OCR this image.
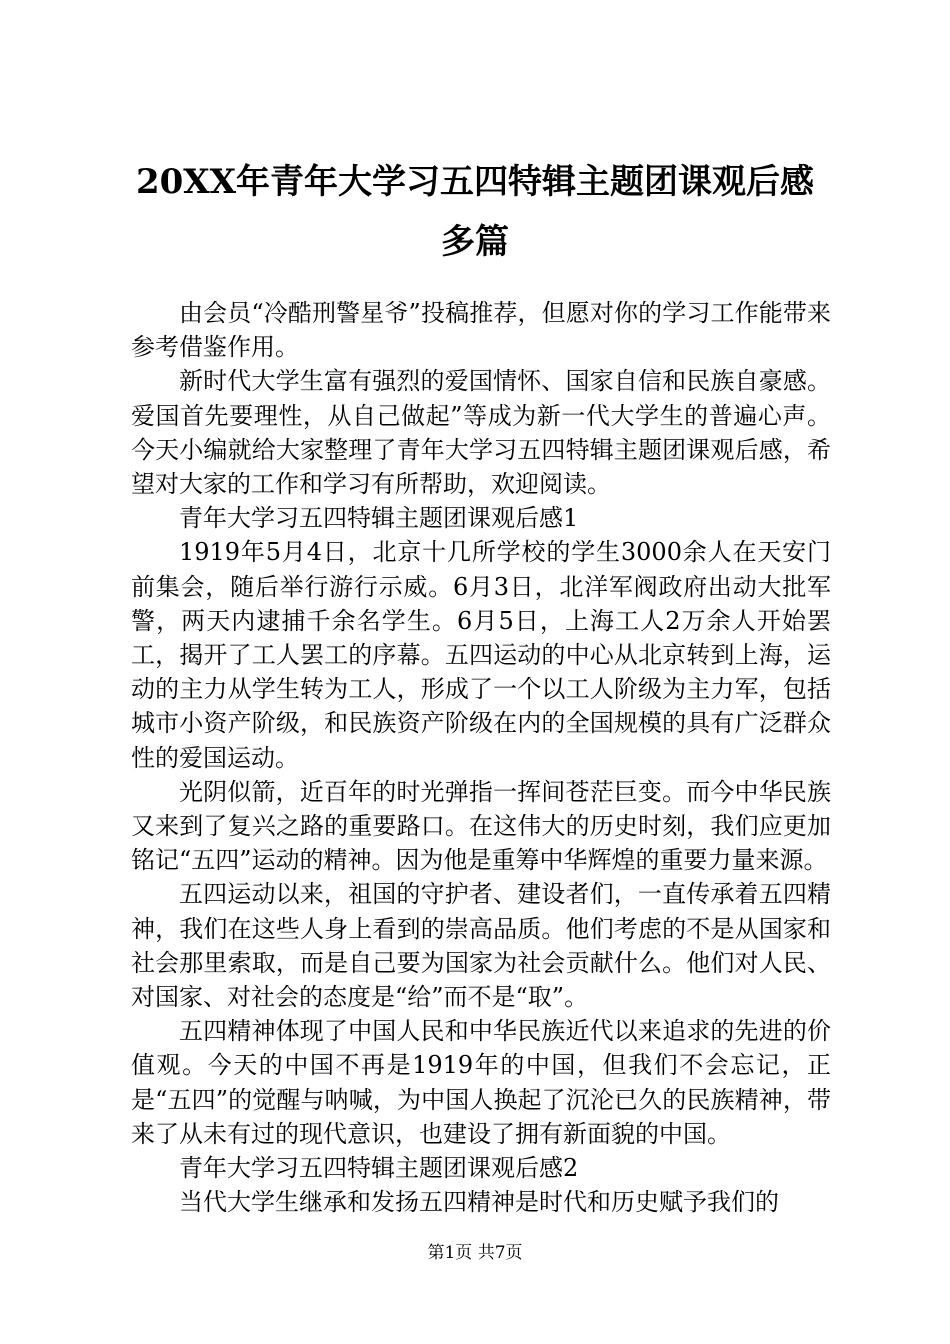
20XX年青年大学习五四特辑主题团课观后感
多篇

由会员“冷酷刑警星爷”投稿推荐，但愿对你的学习工作能带来参考借鉴作用。

新时代大学生富有强烈的爱国情怀、国家自信和民族自豪感。爱国首先要理性，从自己做起”等成为新一代大学生的普遍心声。今天小编就给大家整理了青年大学习五四特辑主题团课观后感，希望对大家的工作和学习有所帮助，欢迎阅读。

青年大学习五四特辑主题团课观后感1

1919年5月4日，北京十几所学校的学生3000余人在天安门前集会，随后举行游行示威。6月3日，北洋军阀政府出动大批军警，两天内逮捕千余名学生。6月5日，上海工人2万余人开始罢工，揭开了工人罢工的序幕。五四运动的中心从北京转到上海，运动的主力从学生转为工人，形成了一个以工人阶级为主力军，包括城市小资产阶级，和民族资产阶级在内的全国规模的具有广泛群众性的爱国运动。

光阴似箭，近百年的时光弹指一挥间苍茫巨变。而今中华民族又来到了复兴之路的重要路口。在这伟大的历史时刻，我们应更加铭记“五四”运动的精神。因为他是重筹中华辉煌的重要力量来源。

五四运动以来，祖国的守护者、建设者们，一直传承着五四精神，我们在这些人身上看到的崇高品质。他们考虑的不是从国家和社会那里索取，而是自己要为国家为社会贡献什么。他们对人民、对国家、对社会的态度是“给”而不是“取”。

五四精神体现了中国人民和中华民族近代以来追求的先进的价值观。今天的中国不再是1919年的中国，但我们不会忘记，正是“五四”的觉醒与呐喊，为中国人换起了沉沦已久的民族精神，带来了从未有过的现代意识，也建设了拥有新面貌的中国。

青年大学习五四特辑主题团课观后感2

当代大学生继承和发扬五四精神是时代和历史赋予我们的

第1页 共7页
